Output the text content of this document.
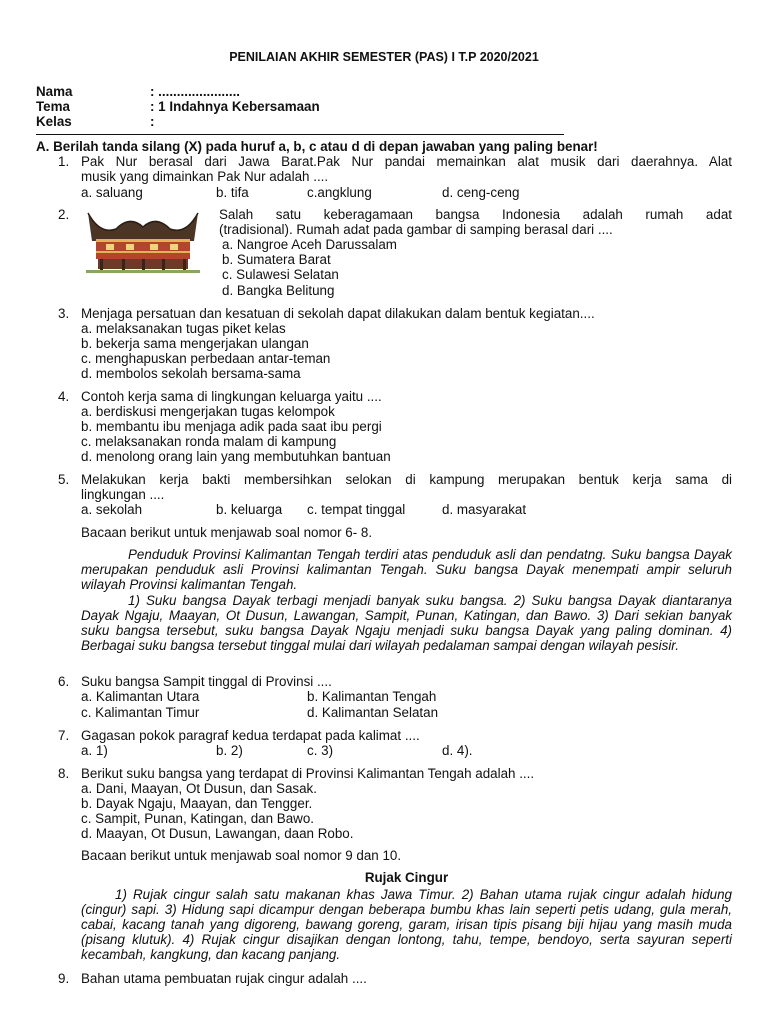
PENILAIAN AKHIR SEMESTER (PAS) I T.P 2020/2021
Nama	: ......................
Tema	: 1 Indahnya Kebersamaan
Kelas	:
A. Berilah tanda silang (X) pada huruf a, b, c atau d di depan jawaban yang paling benar!
1. Pak Nur berasal dari Jawa Barat.Pak Nur pandai memainkan alat musik dari daerahnya. Alat
musik yang dimainkan Pak Nur adalah ....
a. saluang	b. tifa	c.angklung	d. ceng-ceng
2.	Salah satu keberagamaan bangsa Indonesia adalah rumah adat
(tradisional). Rumah adat pada gambar di samping berasal dari ....
a. Nangroe Aceh Darussalam
b. Sumatera Barat
c. Sulawesi Selatan
d. Bangka Belitung
3. Menjaga persatuan dan kesatuan di sekolah dapat dilakukan dalam bentuk kegiatan....
a. melaksanakan tugas piket kelas
b. bekerja sama mengerjakan ulangan
c. menghapuskan perbedaan antar-teman
d. membolos sekolah bersama-sama
4. Contoh kerja sama di lingkungan keluarga yaitu ....
a. berdiskusi mengerjakan tugas kelompok
b. membantu ibu menjaga adik pada saat ibu pergi
c. melaksanakan ronda malam di kampung
d. menolong orang lain yang membutuhkan bantuan
5. Melakukan kerja bakti membersihkan selokan di kampung merupakan bentuk kerja sama di
lingkungan ....
a. sekolah	b. keluarga c. tempat tinggal	d. masyarakat
Bacaan berikut untuk menjawab soal nomor 6- 8.
Penduduk Provinsi Kalimantan Tengah terdiri atas penduduk asli dan pendatng. Suku bangsa Dayak merupakan penduduk asli Provinsi kalimantan Tengah. Suku bangsa Dayak menempati ampir seluruh wilayah Provinsi kalimantan Tengah.
1) Suku bangsa Dayak terbagi menjadi banyak suku bangsa. 2) Suku bangsa Dayak diantaranya Dayak Ngaju, Maayan, Ot Dusun, Lawangan, Sampit, Punan, Katingan, dan Bawo. 3) Dari sekian banyak suku bangsa tersebut, suku bangsa Dayak Ngaju menjadi suku bangsa Dayak yang paling dominan. 4) Berbagai suku bangsa tersebut tinggal mulai dari wilayah pedalaman sampai dengan wilayah pesisir.
6. Suku bangsa Sampit tinggal di Provinsi ....
a. Kalimantan Utara	b. Kalimantan Tengah
c. Kalimantan Timur	d. Kalimantan Selatan
7. Gagasan pokok paragraf kedua terdapat pada kalimat ....
a. 1)	b. 2)	c. 3)	d. 4).
8. Berikut suku bangsa yang terdapat di Provinsi Kalimantan Tengah adalah ....
a. Dani, Maayan, Ot Dusun, dan Sasak.
b. Dayak Ngaju, Maayan, dan Tengger.
c. Sampit, Punan, Katingan, dan Bawo.
d. Maayan, Ot Dusun, Lawangan, daan Robo.
Bacaan berikut untuk menjawab soal nomor 9 dan 10.
Rujak Cingur
1) Rujak cingur salah satu makanan khas Jawa Timur. 2) Bahan utama rujak cingur adalah hidung (cingur) sapi. 3) Hidung sapi dicampur dengan beberapa bumbu khas lain seperti petis udang, gula merah, cabai, kacang tanah yang digoreng, bawang goreng, garam, irisan tipis pisang biji hijau yang masih muda (pisang klutuk). 4) Rujak cingur disajikan dengan lontong, tahu, tempe, bendoyo, serta sayuran seperti kecambah, kangkung, dan kacang panjang.
9. Bahan utama pembuatan rujak cingur adalah ....
